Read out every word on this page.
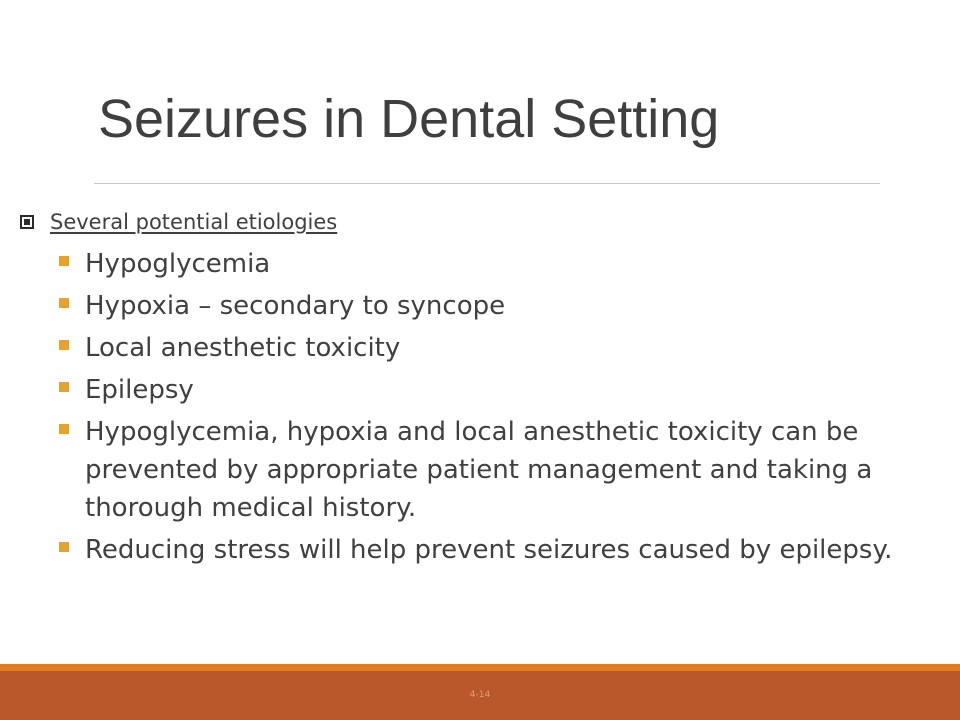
Seizures in Dental Setting
Several potential etiologies
Hypoglycemia
Hypoxia – secondary to syncope
Local anesthetic toxicity
Epilepsy
Hypoglycemia, hypoxia and local anesthetic toxicity can be prevented by appropriate patient management and taking a thorough medical history.
Reducing stress will help prevent seizures caused by epilepsy.
4-14
